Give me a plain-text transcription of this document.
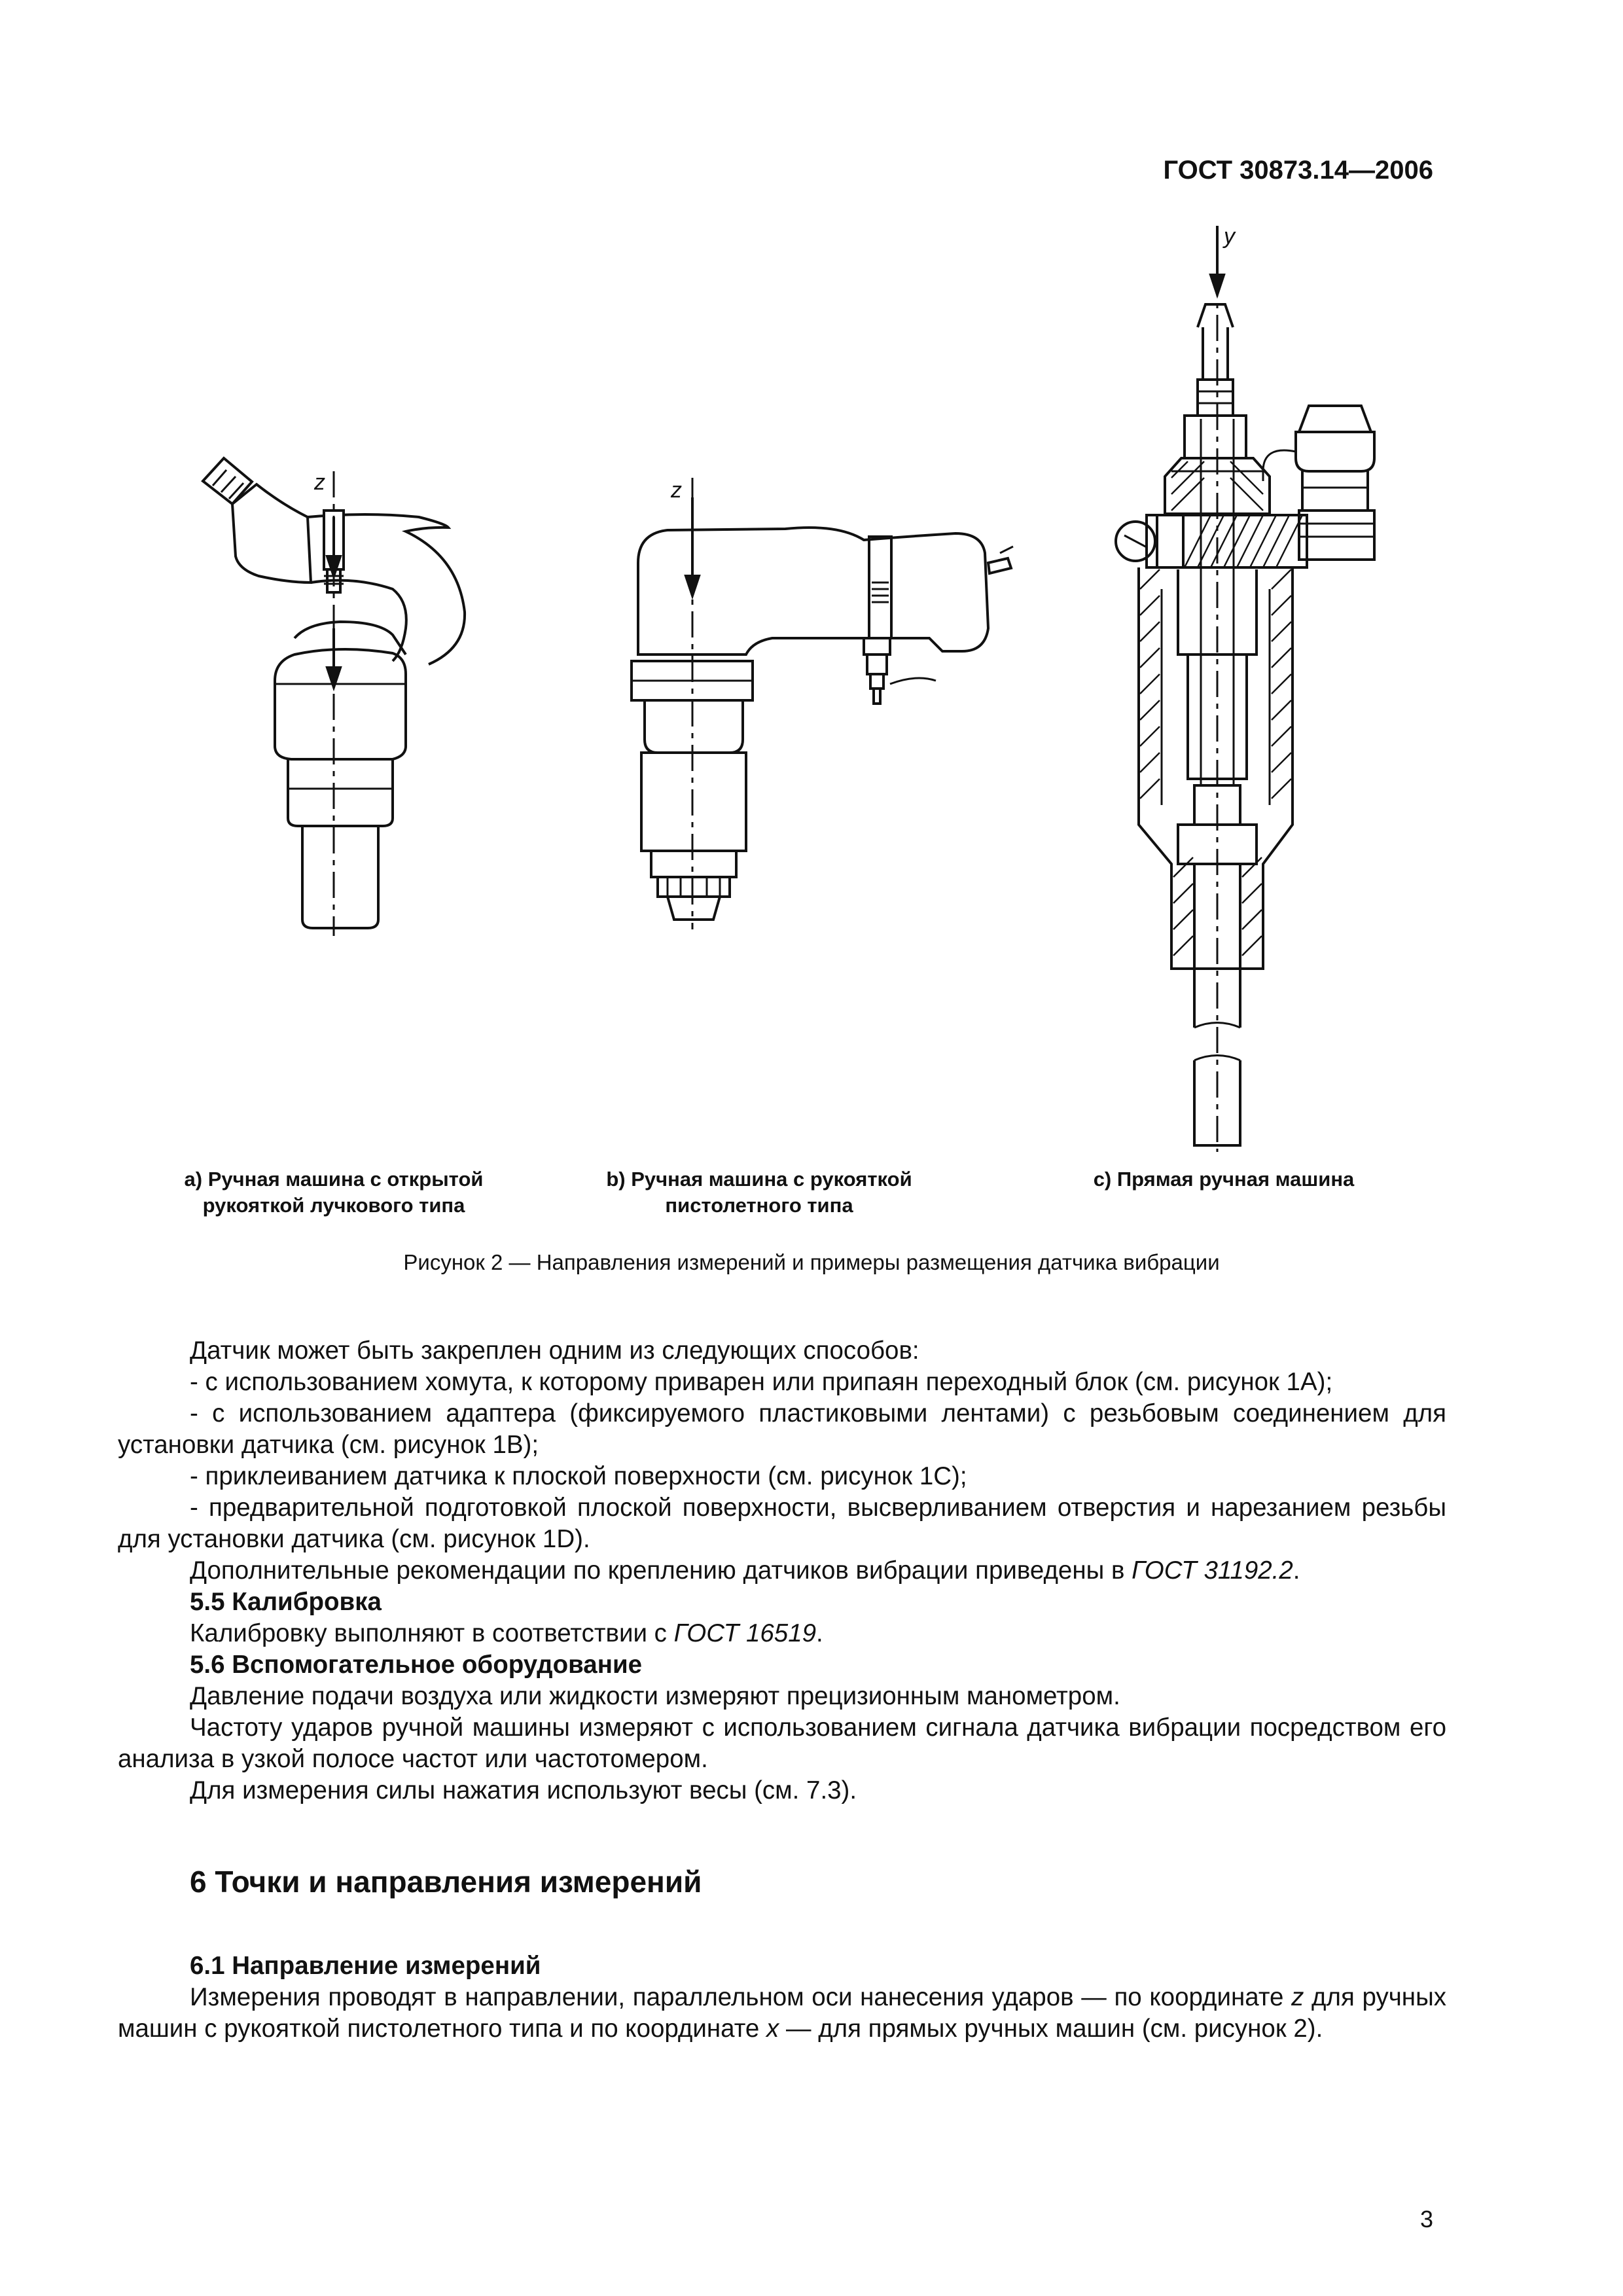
ГОСТ 30873.14—2006
z	z
y
a) Ручная машина с открытой
рукояткой лучкового типа
b) Ручная машина с рукояткой
пистолетного типа
c) Прямая ручная машина
Рисунок 2 — Направления измерений и примеры размещения датчика вибрации

Датчик может быть закреплен одним из следующих способов:

- с использованием хомута, к которому приварен или припаян переходный блок (см. рисунок 1А);

- с использованием адаптера (фиксируемого пластиковыми лентами) с резьбовым соединением для установки датчика (см. рисунок 1В);

- приклеиванием датчика к плоской поверхности (см. рисунок 1С);

- предварительной подготовкой плоской поверхности, высверливанием отверстия и нарезанием резьбы для установки датчика (см. рисунок 1D).

Дополнительные рекомендации по креплению датчиков вибрации приведены в ГОСТ 31192.2.

5.5 Калибровка

Калибровку выполняют в соответствии с ГОСТ 16519.

5.6 Вспомогательное оборудование

Давление подачи воздуха или жидкости измеряют прецизионным манометром.

Частоту ударов ручной машины измеряют с использованием сигнала датчика вибрации посредством его анализа в узкой полосе частот или частотомером.

Для измерения силы нажатия используют весы (см. 7.3).

6 Точки и направления измерений

6.1 Направление измерений

Измерения проводят в направлении, параллельном оси нанесения ударов — по координате z для ручных машин с рукояткой пистолетного типа и по координате x — для прямых ручных машин (см. рисунок 2).

3
